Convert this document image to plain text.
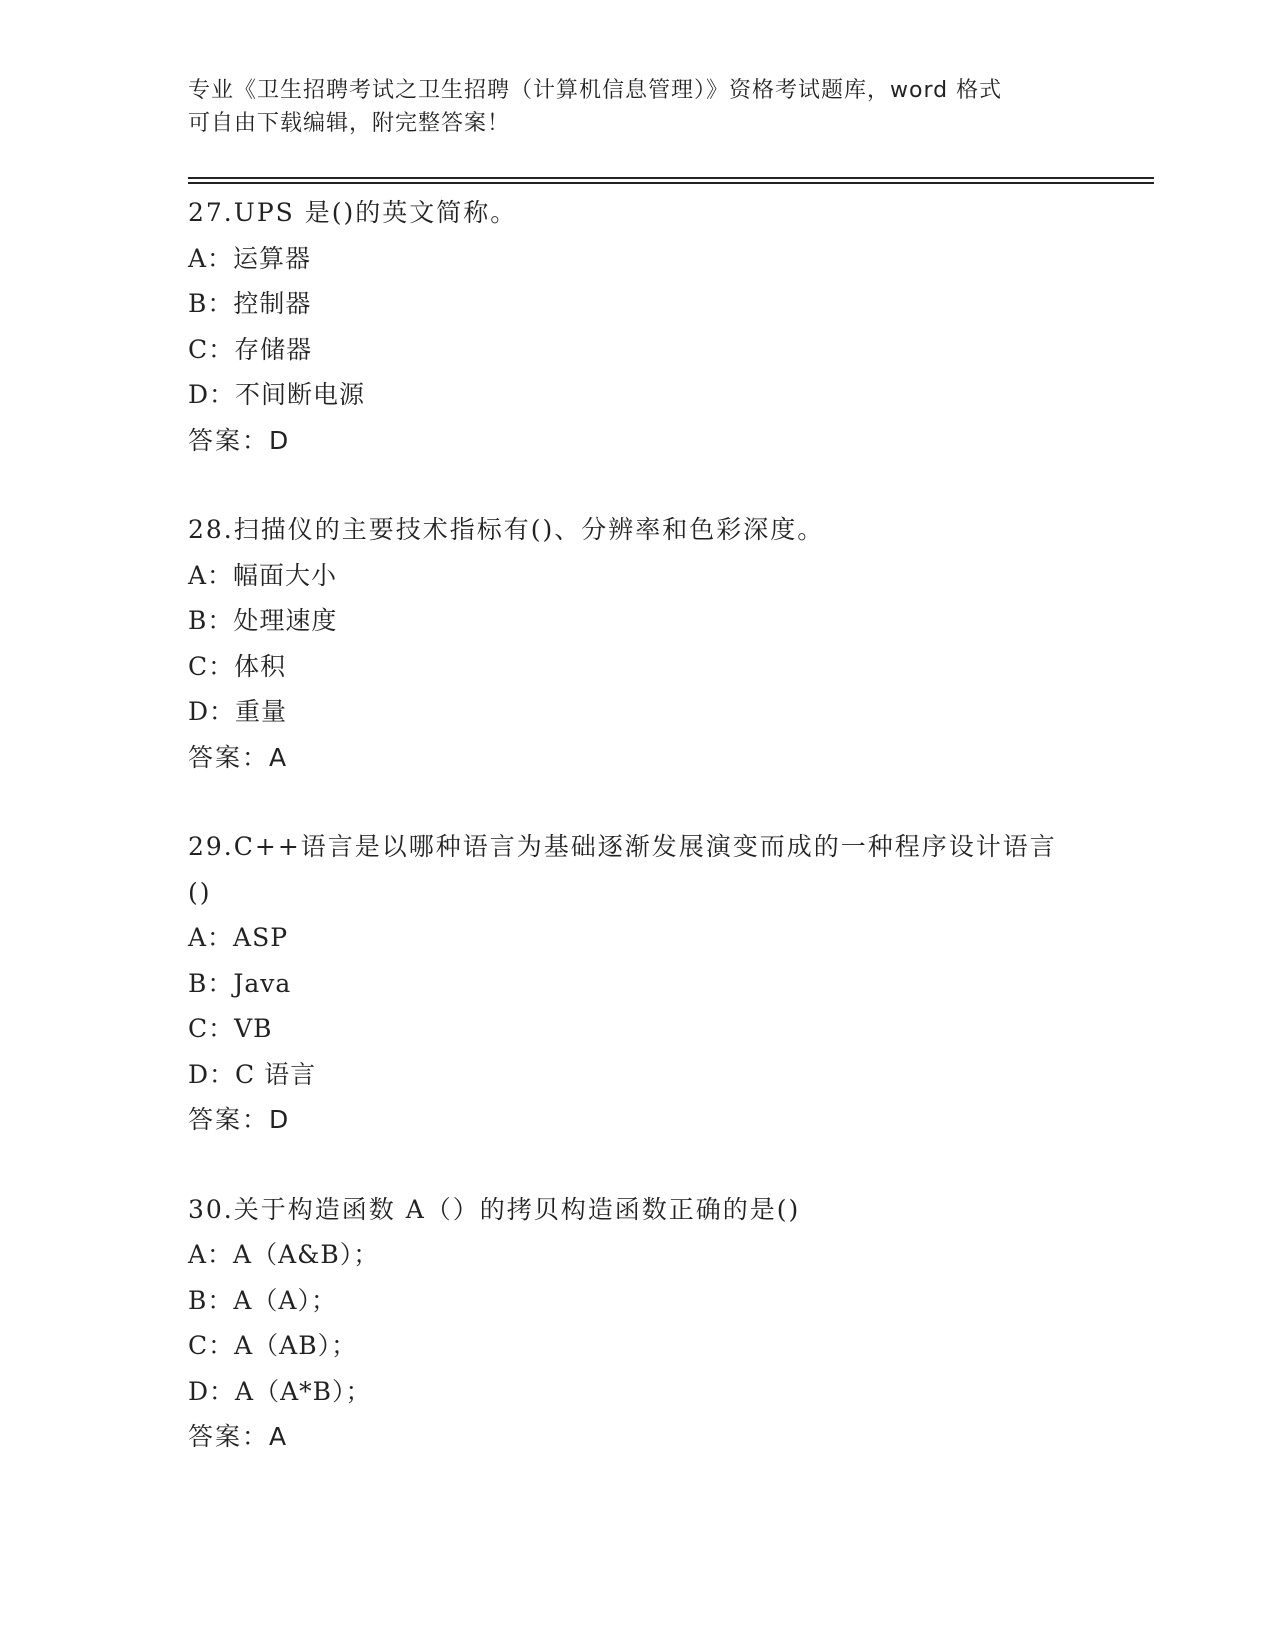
专业《卫生招聘考试之卫生招聘（计算机信息管理）》资格考试题库，word 格式
可自由下载编辑，附完整答案！
27.UPS 是()的英文简称。
A：运算器
B：控制器
C：存储器
D：不间断电源
答案：D
28.扫描仪的主要技术指标有()、分辨率和色彩深度。
A：幅面大小
B：处理速度
C：体积
D：重量
答案：A
29.C++语言是以哪种语言为基础逐渐发展演变而成的一种程序设计语言()
A：ASP
B：Java
C：VB
D：C 语言
答案：D
30.关于构造函数 A（）的拷贝构造函数正确的是()
A：A（A&B）；
B：A（A）；
C：A（AB）；
D：A（A*B）；
答案：A
